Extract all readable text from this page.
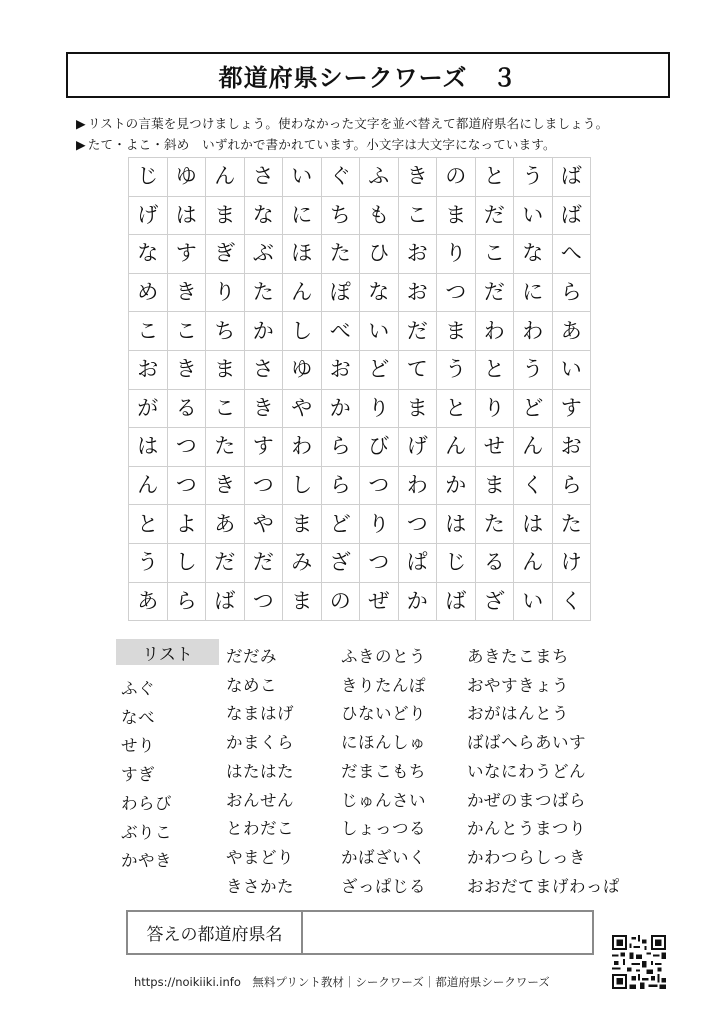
都道府県シークワーズ　３
▶ リストの言葉を見つけましょう。使わなかった文字を並べ替えて都道府県名にしましょう。
▶ たて・よこ・斜め　いずれかで書かれています。小文字は大文字になっています。
じ	ゆ	ん	さ	い	ぐ	ふ	き	の	と	う	ば
げ	は	ま	な	に	ち	も	こ	ま	だ	い	ば
な	す	ぎ	ぶ	ほ	た	ひ	お	り	こ	な	へ
め	き	り	た	ん	ぽ	な	お	つ	だ	に	ら
こ	こ	ち	か	し	べ	い	だ	ま	わ	わ	あ
お	き	ま	さ	ゆ	お	ど	て	う	と	う	い
が	る	こ	き	や	か	り	ま	と	り	ど	す
は	つ	た	す	わ	ら	び	げ	ん	せ	ん	お
ん	つ	き	つ	し	ら	つ	わ	か	ま	く	ら
と	よ	あ	や	ま	ど	り	つ	は	た	は	た
う	し	だ	だ	み	ざ	つ	ぱ	じ	る	ん	け
あ	ら	ば	つ	ま	の	ぜ	か	ば	ざ	い	く
リスト
ふぐ
なべ
せり
すぎ
わらび
ぶりこ
かやき
だだみ
なめこ
なまはげ
かまくら
はたはた
おんせん
とわだこ
やまどり
きさかた
ふきのとう
きりたんぽ
ひないどり
にほんしゅ
だまこもち
じゅんさい
しょっつる
かばざいく
ざっぱじる
あきたこまち
おやすきょう
おがはんとう
ばばへらあいす
いなにわうどん
かぜのまつばら
かんとうまつり
かわつらしっき
おおだてまげわっぱ
答えの都道府県名
https://noikiiki.info　無料プリント教材｜シークワーズ｜都道府県シークワーズ
